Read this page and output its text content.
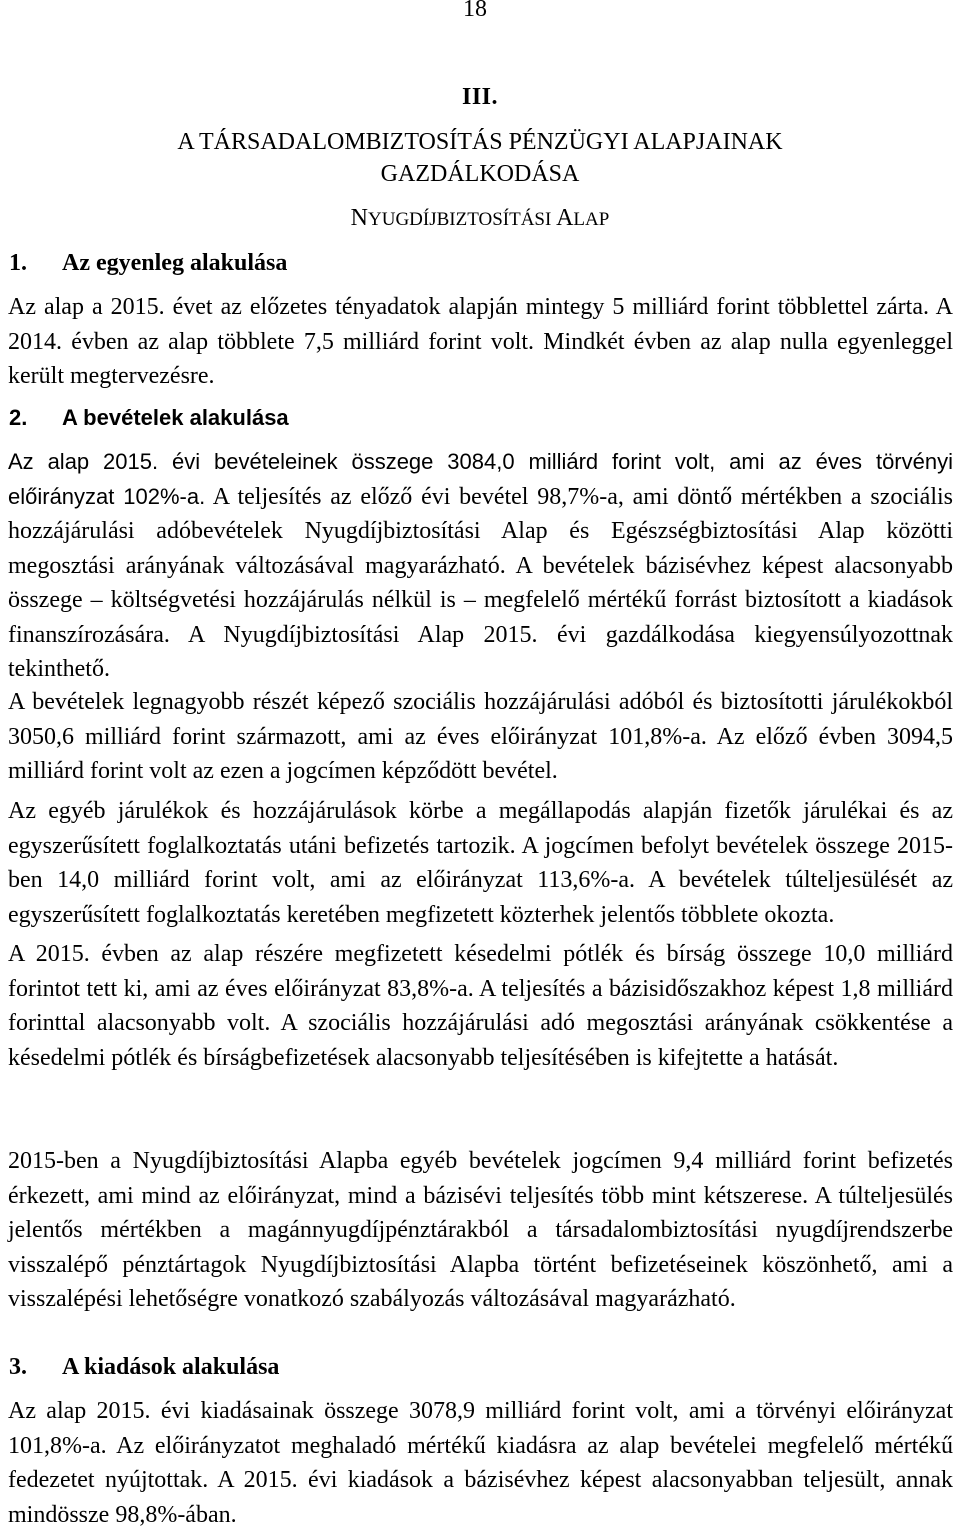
18
III.
A TÁRSADALOMBIZTOSÍTÁS PÉNZÜGYI ALAPJAINAK
GAZDÁLKODÁSA
NYUGDÍJBIZTOSÍTÁSI ALAP
1. Az egyenleg alakulása

Az alap a 2015. évet az előzetes tényadatok alapján mintegy 5 milliárd forint többlettel zárta. A 2014. évben az alap többlete 7,5 milliárd forint volt. Mindkét évben az alap nulla egyenleggel került megtervezésre.

2. A bevételek alakulása

Az alap 2015. évi bevételeinek összege 3084,0 milliárd forint volt, ami az éves törvényi előirányzat 102%-a. A teljesítés az előző évi bevétel 98,7%-a, ami döntő mértékben a szociális hozzájárulási adóbevételek Nyugdíjbiztosítási Alap és Egészségbiztosítási Alap közötti megosztási arányának változásával magyarázható. A bevételek bázisévhez képest alacsonyabb összege – költségvetési hozzájárulás nélkül is – megfelelő mértékű forrást biztosított a kiadások finanszírozására. A Nyugdíjbiztosítási Alap 2015. évi gazdálkodása kiegyensúlyozottnak tekinthető.

A bevételek legnagyobb részét képező szociális hozzájárulási adóból és biztosítotti járulékokból 3050,6 milliárd forint származott, ami az éves előirányzat 101,8%-a. Az előző évben 3094,5 milliárd forint volt az ezen a jogcímen képződött bevétel.

Az egyéb járulékok és hozzájárulások körbe a megállapodás alapján fizetők járulékai és az egyszerűsített foglalkoztatás utáni befizetés tartozik. A jogcímen befolyt bevételek összege 2015-ben 14,0 milliárd forint volt, ami az előirányzat 113,6%-a. A bevételek túlteljesülését az egyszerűsített foglalkoztatás keretében megfizetett közterhek jelentős többlete okozta.

A 2015. évben az alap részére megfizetett késedelmi pótlék és bírság összege 10,0 milliárd forintot tett ki, ami az éves előirányzat 83,8%-a. A teljesítés a bázisidőszakhoz képest 1,8 milliárd forinttal alacsonyabb volt. A szociális hozzájárulási adó megosztási arányának csökkentése a késedelmi pótlék és bírságbefizetések alacsonyabb teljesítésében is kifejtette a hatását.

2015-ben a Nyugdíjbiztosítási Alapba egyéb bevételek jogcímen 9,4 milliárd forint befizetés érkezett, ami mind az előirányzat, mind a bázisévi teljesítés több mint kétszerese. A túlteljesülés jelentős mértékben a magánnyugdíjpénztárakból a társadalombiztosítási nyugdíjrendszerbe visszalépő pénztártagok Nyugdíjbiztosítási Alapba történt befizetéseinek köszönhető, ami a visszalépési lehetőségre vonatkozó szabályozás változásával magyarázható.

3. A kiadások alakulása

Az alap 2015. évi kiadásainak összege 3078,9 milliárd forint volt, ami a törvényi előirányzat 101,8%-a. Az előirányzatot meghaladó mértékű kiadásra az alap bevételei megfelelő mértékű fedezetet nyújtottak. A 2015. évi kiadások a bázisévhez képest alacsonyabban teljesült, annak mindössze 98,8%-ában.
